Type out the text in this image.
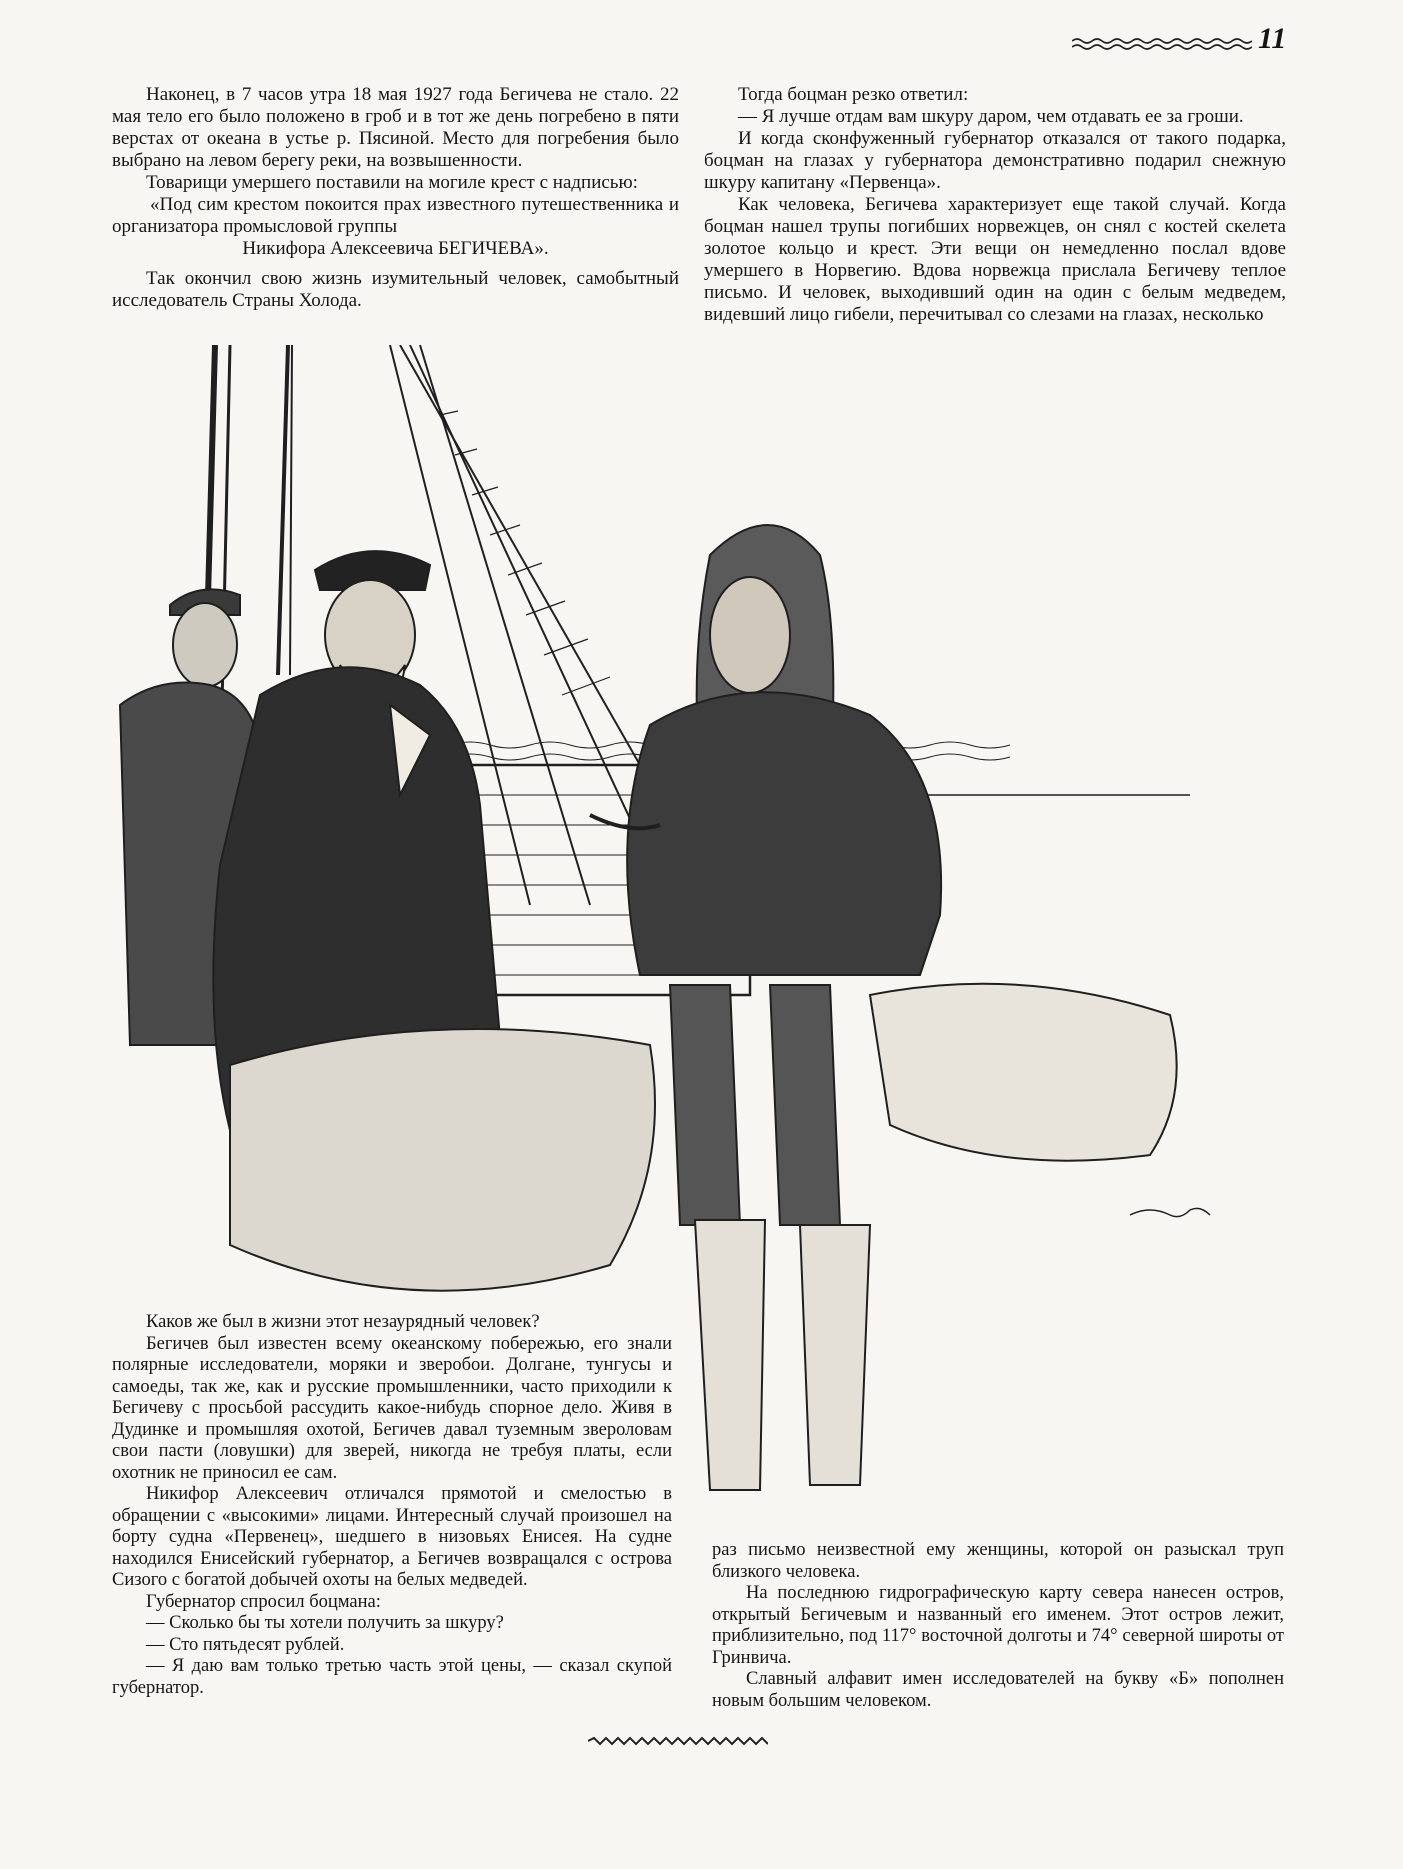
11

Наконец, в 7 часов утра 18 мая 1927 года Бегичева не стало. 22 мая тело его было положено в гроб и в тот же день погребено в пяти верстах от океана в устье р. Пясиной. Место для погребения было выбрано на левом берегу реки, на возвышенности.

Товарищи умершего поставили на могиле крест с надписью:

«Под сим крестом покоится прах известного путешественника и организатора промысловой группы

Никифора Алексеевича БЕГИЧЕВА».

Так окончил свою жизнь изумительный человек, самобытный исследователь Страны Холода.

Тогда боцман резко ответил:

— Я лучше отдам вам шкуру даром, чем отдавать ее за гроши.

И когда сконфуженный губернатор отказался от такого подарка, боцман на глазах у губернатора демонстративно подарил снежную шкуру капитану «Первенца».

Как человека, Бегичева характеризует еще такой случай. Когда боцман нашел трупы погибших норвежцев, он снял с костей скелета золотое кольцо и крест. Эти вещи он немедленно послал вдове умершего в Норвегию. Вдова норвежца прислала Бегичеву теплое письмо. И человек, выходивший один на один с белым медведем, видевший лицо гибели, перечитывал со слезами на глазах, несколько

Каков же был в жизни этот незаурядный человек?

Бегичев был известен всему океанскому побережью, его знали полярные исследователи, моряки и зверобои. Долгане, тунгусы и самоеды, так же, как и русские промышленники, часто приходили к Бегичеву с просьбой рассудить какое-нибудь спорное дело. Живя в Дудинке и промышляя охотой, Бегичев давал туземным звероловам свои пасти (ловушки) для зверей, никогда не требуя платы, если охотник не приносил ее сам.

Никифор Алексеевич отличался прямотой и смелостью в обращении с «высокими» лицами. Интересный случай произошел на борту судна «Первенец», шедшего в низовьях Енисея. На судне находился Енисейский губернатор, а Бегичев возвращался с острова Сизого с богатой добычей охоты на белых медведей.

Губернатор спросил боцмана:

— Сколько бы ты хотели получить за шкуру?

— Сто пятьдесят рублей.

— Я даю вам только третью часть этой цены, — сказал скупой губернатор.

раз письмо неизвестной ему женщины, которой он разыскал труп близкого человека.

На последнюю гидрографическую карту севера нанесен остров, открытый Бегичевым и названный его именем. Этот остров лежит, приблизительно, под 117° восточной долготы и 74° северной широты от Гринвича.

Славный алфавит имен исследователей на букву «Б» пополнен новым большим человеком.
